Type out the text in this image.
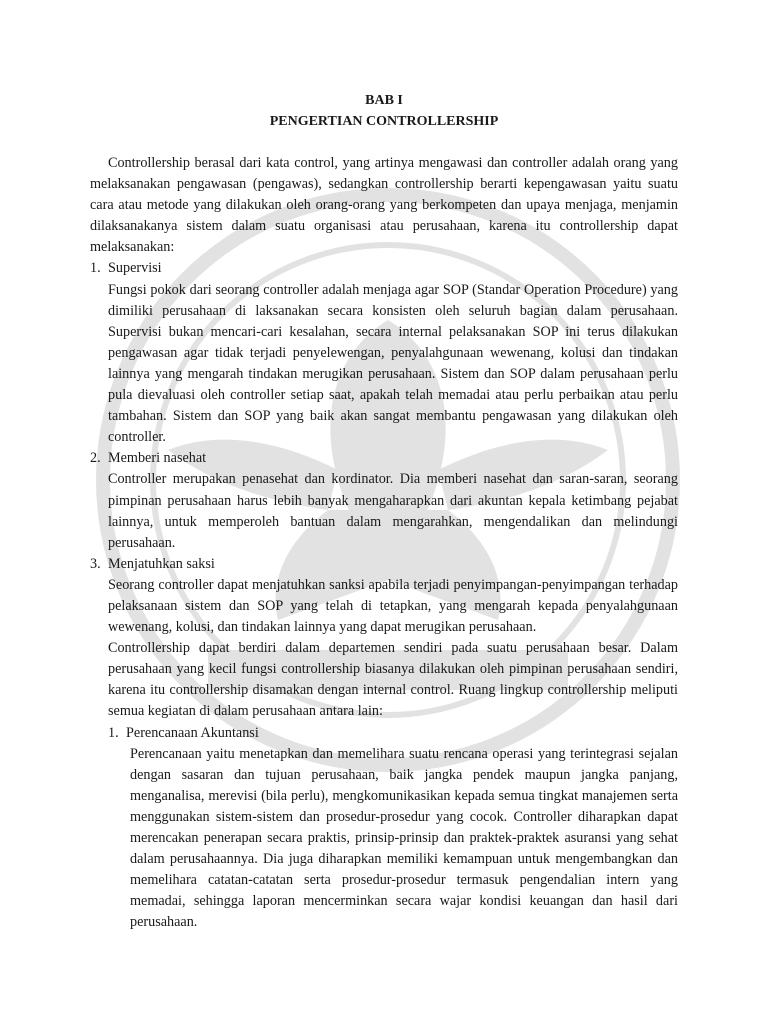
BAB I

PENGERTIAN CONTROLLERSHIP

Controllership berasal dari kata control, yang artinya mengawasi dan controller adalah orang yang melaksanakan pengawasan (pengawas), sedangkan controllership berarti kepengawasan yaitu suatu cara atau metode yang dilakukan oleh orang-orang yang berkompeten dan upaya menjaga, menjamin dilaksanakanya sistem dalam suatu organisasi atau perusahaan, karena itu controllership dapat melaksanakan:

1. Supervisi

Fungsi pokok dari seorang controller adalah menjaga agar SOP (Standar Operation Procedure) yang dimiliki perusahaan di laksanakan secara konsisten oleh seluruh bagian dalam perusahaan. Supervisi bukan mencari-cari kesalahan, secara internal pelaksanakan SOP ini terus dilakukan pengawasan agar tidak terjadi penyelewengan, penyalahgunaan wewenang, kolusi dan tindakan lainnya yang mengarah tindakan merugikan perusahaan. Sistem dan SOP dalam perusahaan perlu pula dievaluasi oleh controller setiap saat, apakah telah memadai atau perlu perbaikan atau perlu tambahan. Sistem dan SOP yang baik akan sangat membantu pengawasan yang dilakukan oleh controller.

2. Memberi nasehat

Controller merupakan penasehat dan kordinator. Dia memberi nasehat dan saran-saran, seorang pimpinan perusahaan harus lebih banyak mengaharapkan dari akuntan kepala ketimbang pejabat lainnya, untuk memperoleh bantuan dalam mengarahkan, mengendalikan dan melindungi perusahaan.

3. Menjatuhkan saksi

Seorang controller dapat menjatuhkan sanksi apabila terjadi penyimpangan-penyimpangan terhadap pelaksanaan sistem dan SOP yang telah di tetapkan, yang mengarah kepada penyalahgunaan wewenang, kolusi, dan tindakan lainnya yang dapat merugikan perusahaan.

Controllership dapat berdiri dalam departemen sendiri pada suatu perusahaan besar. Dalam perusahaan yang kecil fungsi controllership biasanya dilakukan oleh pimpinan perusahaan sendiri, karena itu controllership disamakan dengan internal control. Ruang lingkup controllership meliputi semua kegiatan di dalam perusahaan antara lain:

1. Perencanaan Akuntansi

Perencanaan yaitu menetapkan dan memelihara suatu rencana operasi yang terintegrasi sejalan dengan sasaran dan tujuan perusahaan, baik jangka pendek maupun jangka panjang, menganalisa, merevisi (bila perlu), mengkomunikasikan kepada semua tingkat manajemen serta menggunakan sistem-sistem dan prosedur-prosedur yang cocok. Controller diharapkan dapat merencakan penerapan secara praktis, prinsip-prinsip dan praktek-praktek asuransi yang sehat dalam perusahaannya. Dia juga diharapkan memiliki kemampuan untuk mengembangkan dan memelihara catatan-catatan serta prosedur-prosedur termasuk pengendalian intern yang memadai, sehingga laporan mencerminkan secara wajar kondisi keuangan dan hasil dari perusahaan.
